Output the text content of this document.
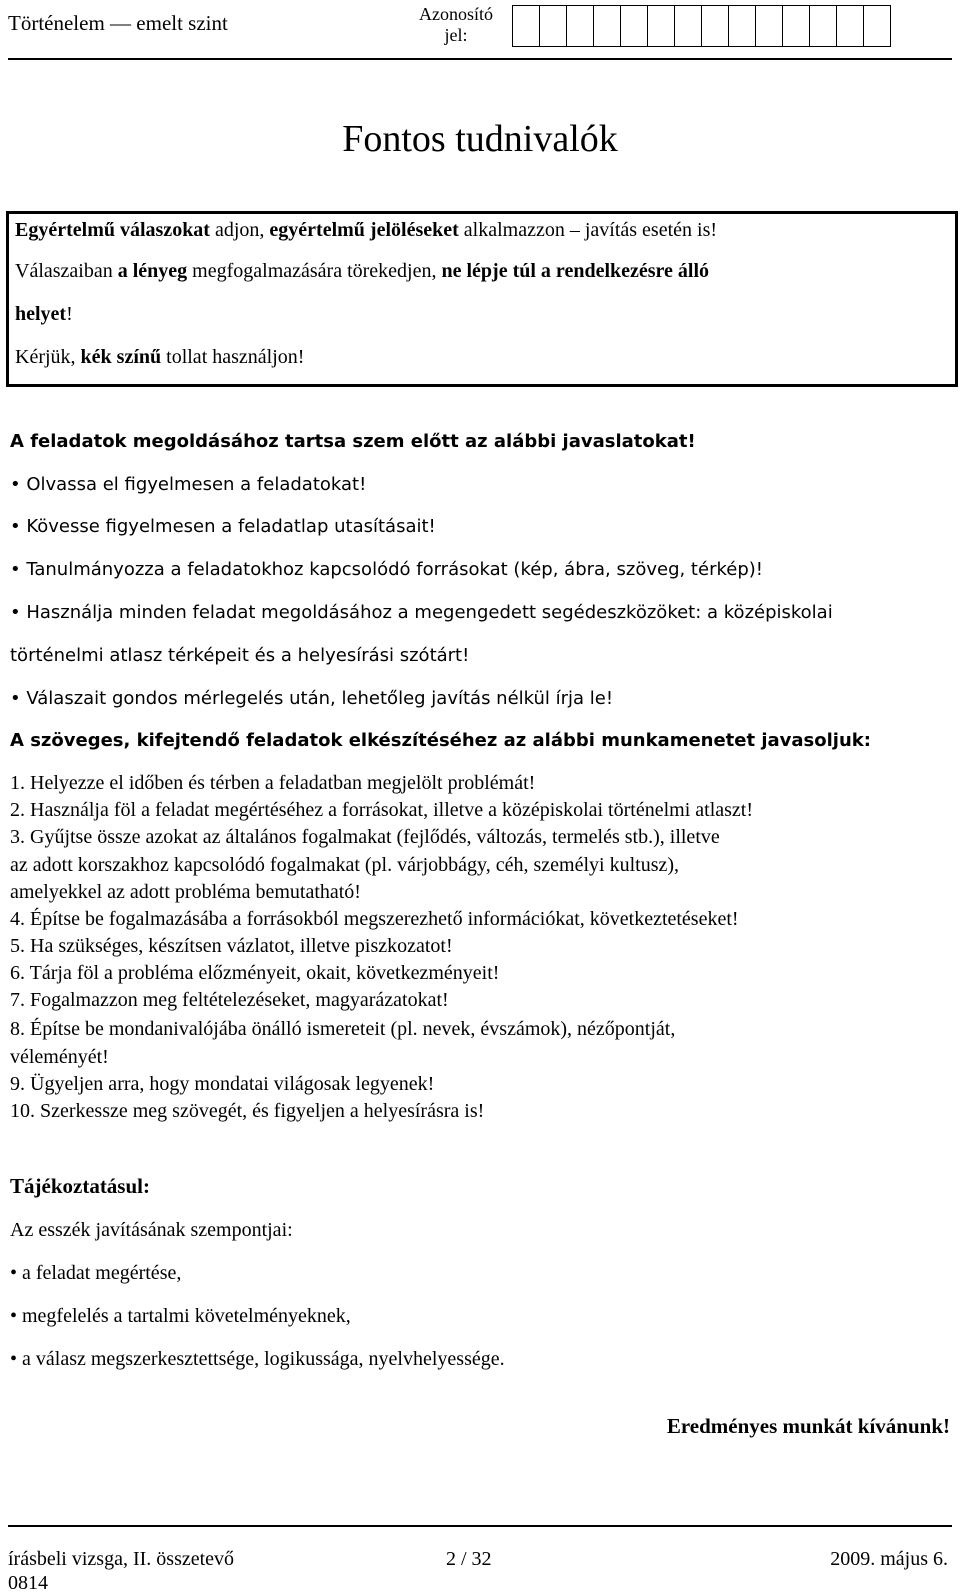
Történelem — emelt szint	Azonosító
jel:
Fontos tudnivalók
Egyértelmű válaszokat adjon, egyértelmű jelöléseket alkalmazzon – javítás esetén is!
Válaszaiban a lényeg megfogalmazására törekedjen, ne lépje túl a rendelkezésre álló
helyet!
Kérjük, kék színű tollat használjon!
A feladatok megoldásához tartsa szem előtt az alábbi javaslatokat!
• Olvassa el figyelmesen a feladatokat!
• Kövesse figyelmesen a feladatlap utasításait!
• Tanulmányozza a feladatokhoz kapcsolódó forrásokat (kép, ábra, szöveg, térkép)!
• Használja minden feladat megoldásához a megengedett segédeszközöket: a középiskolai
történelmi atlasz térképeit és a helyesírási szótárt!
• Válaszait gondos mérlegelés után, lehetőleg javítás nélkül írja le!
A szöveges, kifejtendő feladatok elkészítéséhez az alábbi munkamenetet javasoljuk:
1. Helyezze el időben és térben a feladatban megjelölt problémát!
2. Használja föl a feladat megértéséhez a forrásokat, illetve a középiskolai történelmi atlaszt!
3. Gyűjtse össze azokat az általános fogalmakat (fejlődés, változás, termelés stb.), illetve
az adott korszakhoz kapcsolódó fogalmakat (pl. várjobbágy, céh, személyi kultusz),
amelyekkel az adott probléma bemutatható!
4. Építse be fogalmazásába a forrásokból megszerezhető információkat, következtetéseket!
5. Ha szükséges, készítsen vázlatot, illetve piszkozatot!
6. Tárja föl a probléma előzményeit, okait, következményeit!
7. Fogalmazzon meg feltételezéseket, magyarázatokat!
8. Építse be mondanivalójába önálló ismereteit (pl. nevek, évszámok), nézőpontját,
véleményét!
9. Ügyeljen arra, hogy mondatai világosak legyenek!
10. Szerkessze meg szövegét, és figyeljen a helyesírásra is!
Tájékoztatásul:
Az esszék javításának szempontjai:
• a feladat megértése,
• megfelelés a tartalmi követelményeknek,
• a válasz megszerkesztettsége, logikussága, nyelvhelyessége.
Eredményes munkát kívánunk!
írásbeli vizsga, II. összetevő
0814
2 / 32	2009. május 6.
